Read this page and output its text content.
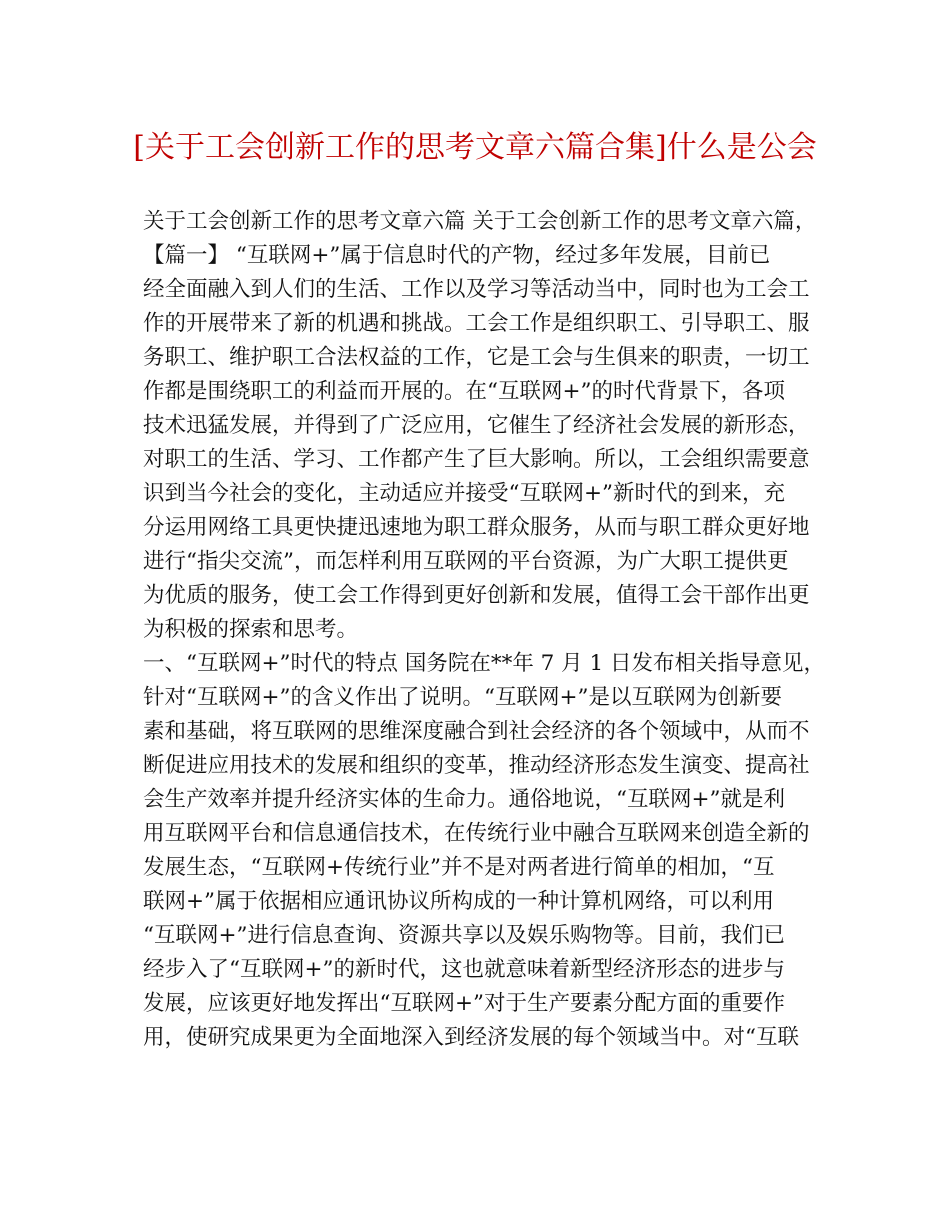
[关于工会创新工作的思考文章六篇合集]什么是公会
关于工会创新工作的思考文章六篇 关于工会创新工作的思考文章六篇，
【篇一】 “互联网+”属于信息时代的产物，经过多年发展，目前已
经全面融入到人们的生活、工作以及学习等活动当中，同时也为工会工
作的开展带来了新的机遇和挑战。工会工作是组织职工、引导职工、服
务职工、维护职工合法权益的工作，它是工会与生俱来的职责，一切工
作都是围绕职工的利益而开展的。在“互联网+”的时代背景下，各项
技术迅猛发展，并得到了广泛应用，它催生了经济社会发展的新形态，
对职工的生活、学习、工作都产生了巨大影响。所以，工会组织需要意
识到当今社会的变化，主动适应并接受“互联网+”新时代的到来，充
分运用网络工具更快捷迅速地为职工群众服务，从而与职工群众更好地
进行“指尖交流”，而怎样利用互联网的平台资源，为广大职工提供更
为优质的服务，使工会工作得到更好创新和发展，值得工会干部作出更
为积极的探索和思考。
一、“互联网+”时代的特点 国务院在**年 7 月 1 日发布相关指导意见，
针对“互联网+”的含义作出了说明。“互联网+”是以互联网为创新要
素和基础，将互联网的思维深度融合到社会经济的各个领域中，从而不
断促进应用技术的发展和组织的变革，推动经济形态发生演变、提高社
会生产效率并提升经济实体的生命力。通俗地说，“互联网+”就是利
用互联网平台和信息通信技术，在传统行业中融合互联网来创造全新的
发展生态，“互联网+传统行业”并不是对两者进行简单的相加，“互
联网+”属于依据相应通讯协议所构成的一种计算机网络，可以利用
“互联网+”进行信息查询、资源共享以及娱乐购物等。目前，我们已
经步入了“互联网+”的新时代，这也就意味着新型经济形态的进步与
发展，应该更好地发挥出“互联网+”对于生产要素分配方面的重要作
用，使研究成果更为全面地深入到经济发展的每个领域当中。对“互联
